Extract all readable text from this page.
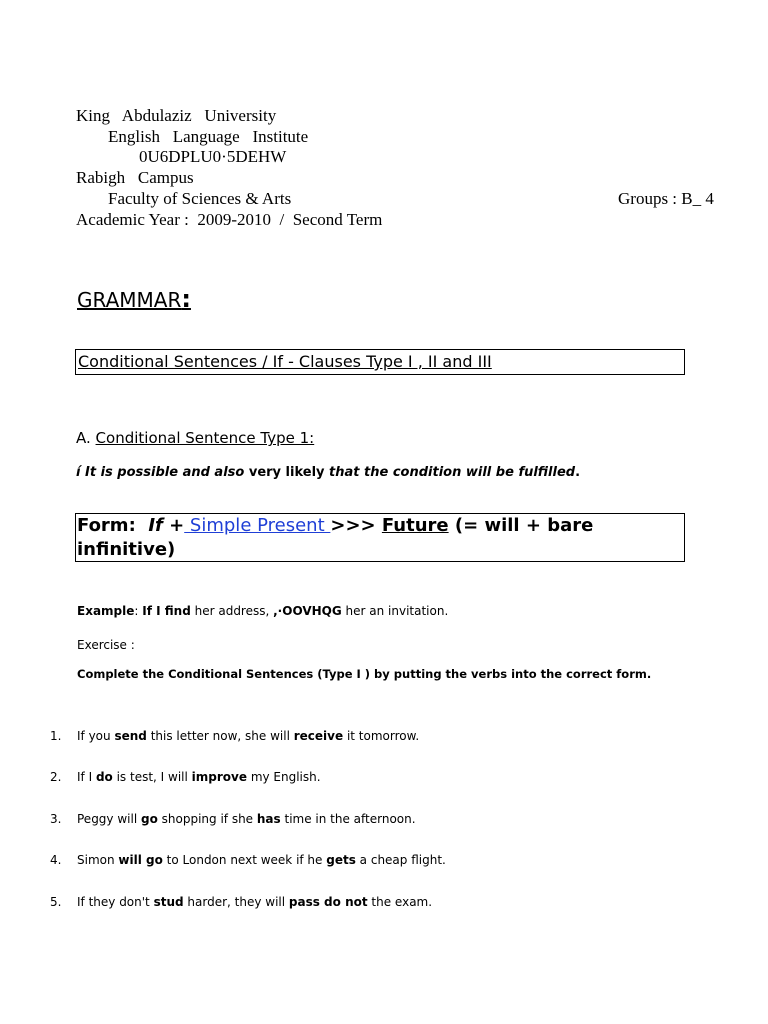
King   Abdulaziz   University
English   Language   Institute
0U6DPLU0·5DEHW
Rabigh   Campus
Faculty of Sciences & Arts	Groups : B_ 4
Academic Year :  2009-2010  /  Second Term
GRAMMAR:
Conditional Sentences / If - Clauses Type I , II and III
A. Conditional Sentence Type 1:
í It is possible and also very likely that the condition will be fulfilled.
Form: If + Simple Present >>> Future (= will + bare
infinitive)
Example: If I find her address, ,·OOVHQG her an invitation.
Exercise :
Complete the Conditional Sentences (Type I ) by putting the verbs into the correct form.
1. If you send this letter now, she will receive it tomorrow.
2. If I do is test, I will improve my English.
3. Peggy will go shopping if she has time in the afternoon.
4. Simon will go to London next week if he gets a cheap flight.
5. If they don't stud harder, they will pass do not the exam.
